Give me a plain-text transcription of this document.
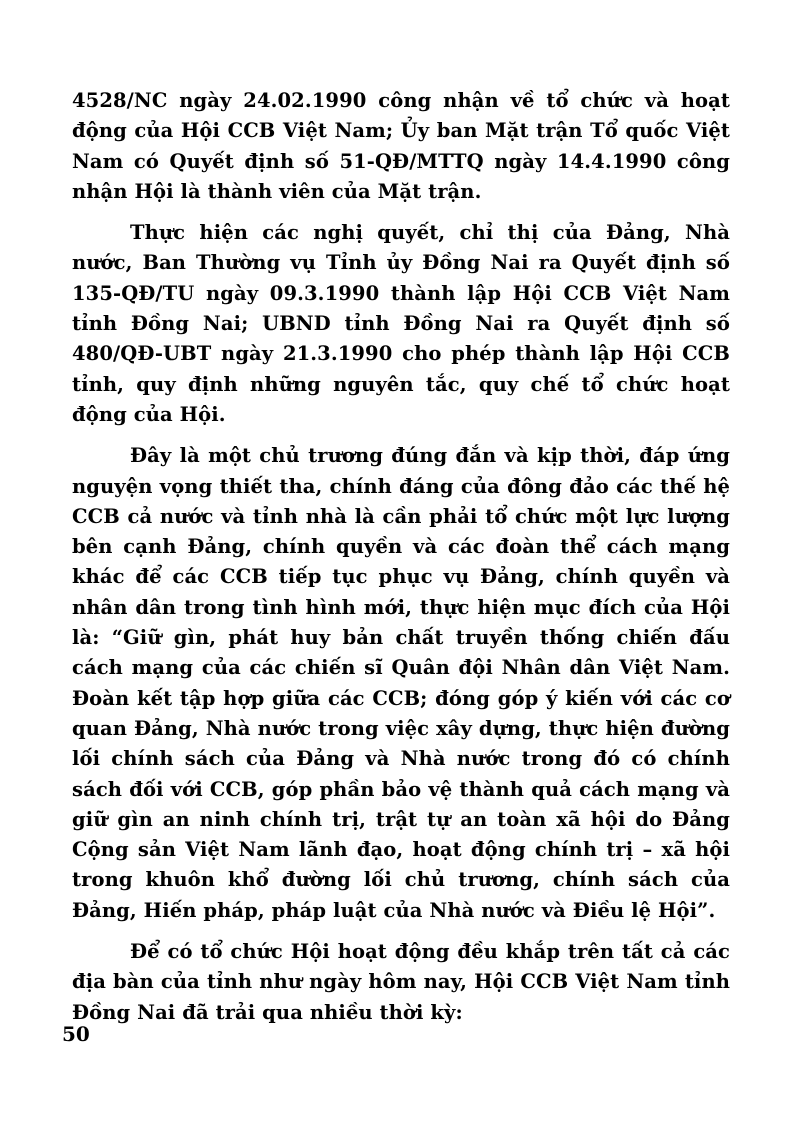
4528/NC ngày 24.02.1990 công nhận về tổ chức và hoạt động của Hội CCB Việt Nam; Ủy ban Mặt trận Tổ quốc Việt Nam có Quyết định số 51-QĐ/MTTQ ngày 14.4.1990 công nhận Hội là thành viên của Mặt trận.

Thực hiện các nghị quyết, chỉ thị của Đảng, Nhà nước, Ban Thường vụ Tỉnh ủy Đồng Nai ra Quyết định số 135-QĐ/TU ngày 09.3.1990 thành lập Hội CCB Việt Nam tỉnh Đồng Nai; UBND tỉnh Đồng Nai ra Quyết định số 480/QĐ-UBT ngày 21.3.1990 cho phép thành lập Hội CCB tỉnh, quy định những nguyên tắc, quy chế tổ chức hoạt động của Hội.

Đây là một chủ trương đúng đắn và kịp thời, đáp ứng nguyện vọng thiết tha, chính đáng của đông đảo các thế hệ CCB cả nước và tỉnh nhà là cần phải tổ chức một lực lượng bên cạnh Đảng, chính quyền và các đoàn thể cách mạng khác để các CCB tiếp tục phục vụ Đảng, chính quyền và nhân dân trong tình hình mới, thực hiện mục đích của Hội là: “Giữ gìn, phát huy bản chất truyền thống chiến đấu cách mạng của các chiến sĩ Quân đội Nhân dân Việt Nam. Đoàn kết tập hợp giữa các CCB; đóng góp ý kiến với các cơ quan Đảng, Nhà nước trong việc xây dựng, thực hiện đường lối chính sách của Đảng và Nhà nước trong đó có chính sách đối với CCB, góp phần bảo vệ thành quả cách mạng và giữ gìn an ninh chính trị, trật tự an toàn xã hội do Đảng Cộng sản Việt Nam lãnh đạo, hoạt động chính trị – xã hội trong khuôn khổ đường lối chủ trương, chính sách của Đảng, Hiến pháp, pháp luật của Nhà nước và Điều lệ Hội”.

Để có tổ chức Hội hoạt động đều khắp trên tất cả các địa bàn của tỉnh như ngày hôm nay, Hội CCB Việt Nam tỉnh Đồng Nai đã trải qua nhiều thời kỳ:

50
